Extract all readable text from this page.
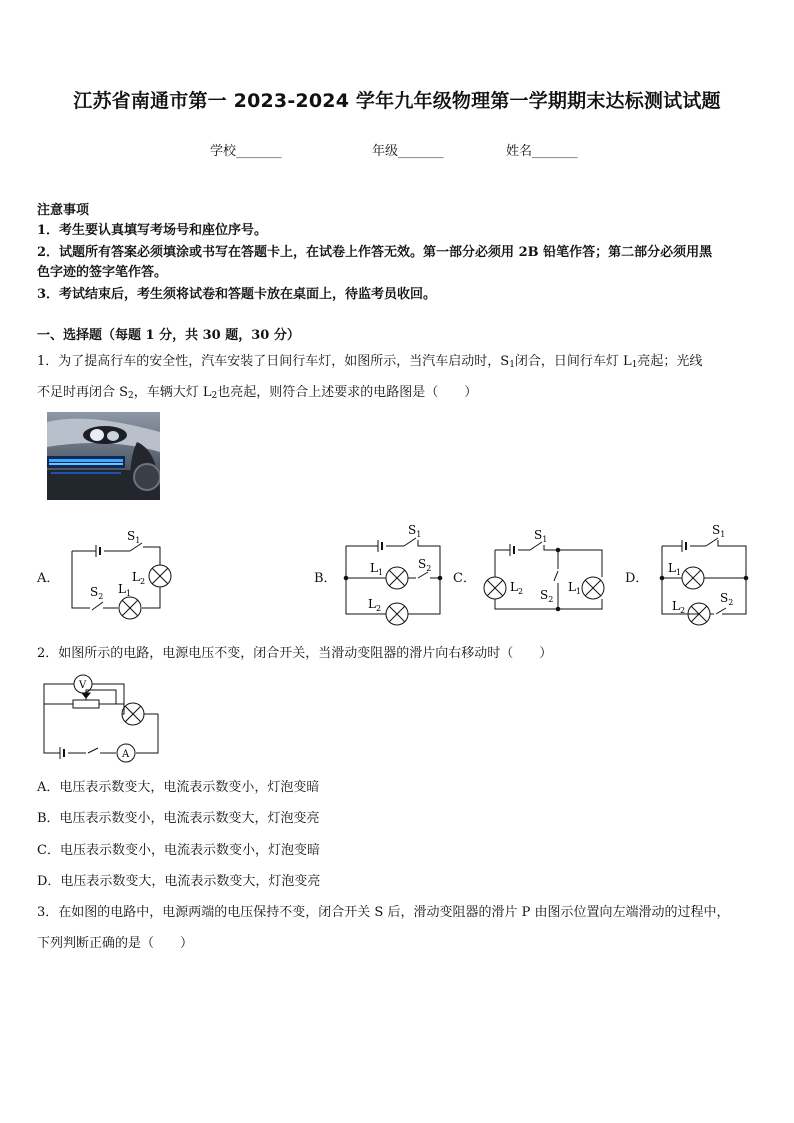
江苏省南通市第一 2023-2024 学年九年级物理第一学期期末达标测试试题
学校_______	年级_______	姓名_______
注意事项
1．考生要认真填写考场号和座位序号。
2．试题所有答案必须填涂或书写在答题卡上，在试卷上作答无效。第一部分必须用 2B 铅笔作答；第二部分必须用黑
色字迹的签字笔作答。
3．考试结束后，考生须将试卷和答题卡放在桌面上，待监考员收回。
一、选择题（每题 1 分，共 30 题，30 分）
1．为了提高行车的安全性，汽车安装了日间行车灯，如图所示，当汽车启动时，$S_1$闭合，日间行车灯 $L_1$亮起；光线
不足时再闭合 $S_2$，车辆大灯 $L_2$也亮起，则符合上述要求的电路图是（　　）
A．
$S_1$
$L_2$
$S_2$
$L_1$
B．
$S_1$
$L_1$
$S_2$
$L_2$
C．
$S_1$
$L_2$ $S_2$
$L_1$
D．
$S_1$
$L_1$
$L_2$
$S_2$
2．如图所示的电路，电源电压不变，闭合开关，当滑动变阻器的滑片向右移动时（　　）
V
A
A．电压表示数变大，电流表示数变小，灯泡变暗
B．电压表示数变小，电流表示数变大，灯泡变亮
C．电压表示数变小，电流表示数变小，灯泡变暗
D．电压表示数变大，电流表示数变大，灯泡变亮
3．在如图的电路中，电源两端的电压保持不变，闭合开关 S 后，滑动变阻器的滑片 P 由图示位置向左端滑动的过程中，
下列判断正确的是（　　）
